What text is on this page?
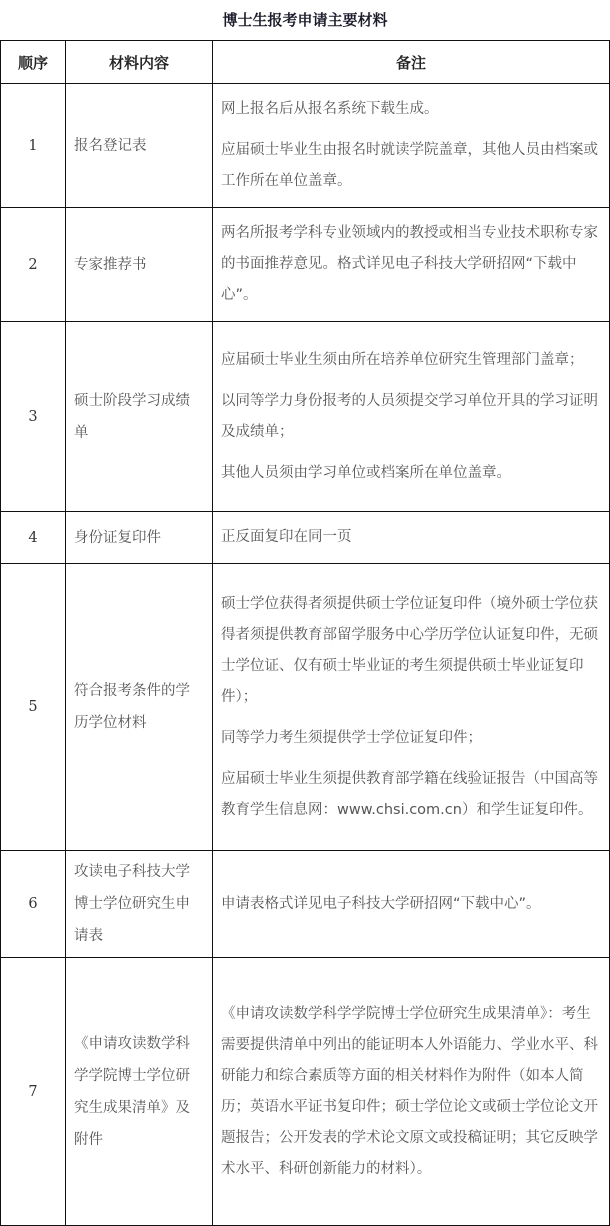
博士生报考申请主要材料
顺序	材料内容	备注
1	报名登记表	网上报名后从报名系统下载生成。

应届硕士毕业生由报名时就读学院盖章，其他人员由档案或工作所在单位盖章。

2	专家推荐书	两名所报考学科专业领域内的教授或相当专业技术职称专家的书面推荐意见。格式详见电子科技大学研招网“下载中心”。

3	硕士阶段学习成绩单	应届硕士毕业生须由所在培养单位研究生管理部门盖章；

以同等学力身份报考的人员须提交学习单位开具的学习证明及成绩单；

其他人员须由学习单位或档案所在单位盖章。

4	身份证复印件	正反面复印在同一页

5	符合报考条件的学历学位材料	硕士学位获得者须提供硕士学位证复印件（境外硕士学位获得者须提供教育部留学服务中心学历学位认证复印件，无硕士学位证、仅有硕士毕业证的考生须提供硕士毕业证复印件）；

同等学力考生须提供学士学位证复印件；

应届硕士毕业生须提供教育部学籍在线验证报告（中国高等教育学生信息网：www.chsi.com.cn）和学生证复印件。

6	攻读电子科技大学博士学位研究生申请表	申请表格式详见电子科技大学研招网“下载中心”。

7	《申请攻读数学科学学院博士学位研究生成果清单》及附件	《申请攻读数学科学学院博士学位研究生成果清单》：考生需要提供清单中列出的能证明本人外语能力、学业水平、科研能力和综合素质等方面的相关材料作为附件（如本人简历；英语水平证书复印件；硕士学位论文或硕士学位论文开题报告；公开发表的学术论文原文或投稿证明；其它反映学术水平、科研创新能力的材料）。
